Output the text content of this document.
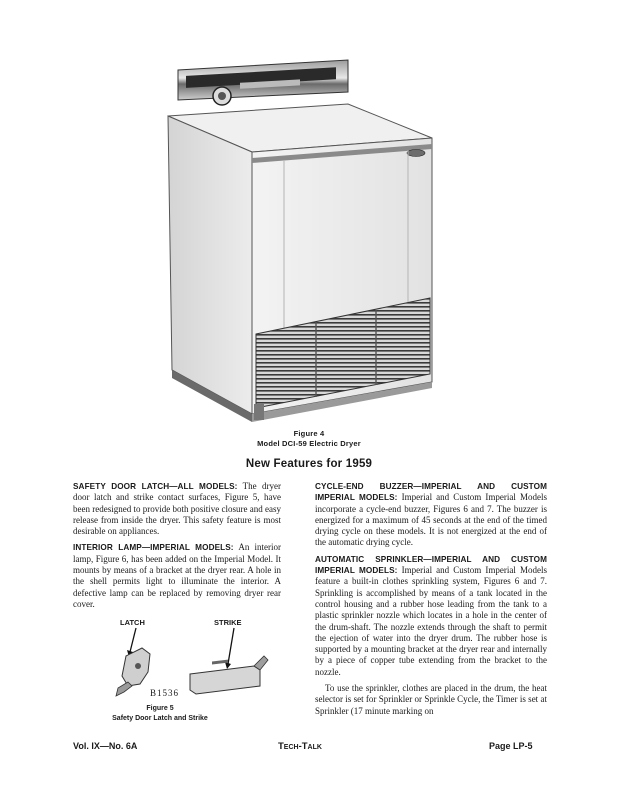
Figure 4
Model DCI-59 Electric Dryer
New Features for 1959

SAFETY DOOR LATCH—ALL MODELS: The dryer door latch and strike contact surfaces, Figure 5, have been redesigned to provide both positive closure and easy release from inside the dryer. This safety feature is most desirable on appliances.

INTERIOR LAMP—IMPERIAL MODELS: An interior lamp, Figure 6, has been added on the Imperial Model. It mounts by means of a bracket at the dryer rear. A hole in the shell permits light to illuminate the interior. A defective lamp can be replaced by removing dryer rear cover.

LATCH	STRIKE
B1536
Figure 5
Safety Door Latch and Strike

CYCLE-END BUZZER—IMPERIAL AND CUSTOM IMPERIAL MODELS: Imperial and Custom Imperial Models incorporate a cycle-end buzzer, Figures 6 and 7. The buzzer is energized for a maximum of 45 seconds at the end of the timed drying cycle on these models. It is not energized at the end of the automatic drying cycle.

AUTOMATIC SPRINKLER—IMPERIAL AND CUSTOM IMPERIAL MODELS: Imperial and Custom Imperial Models feature a built-in clothes sprinkling system, Figures 6 and 7. Sprinkling is accomplished by means of a tank located in the control housing and a rubber hose leading from the tank to a plastic sprinkler nozzle which locates in a hole in the center of the drum-shaft. The nozzle extends through the shaft to permit the ejection of water into the dryer drum. The rubber hose is supported by a mounting bracket at the dryer rear and internally by a piece of copper tube extending from the bracket to the nozzle.

To use the sprinkler, clothes are placed in the drum, the heat selector is set for Sprinkler or Sprinkle Cycle, the Timer is set at Sprinkler (17 minute marking on

Vol. IX—No. 6A	Tech-Talk	Page LP-5
